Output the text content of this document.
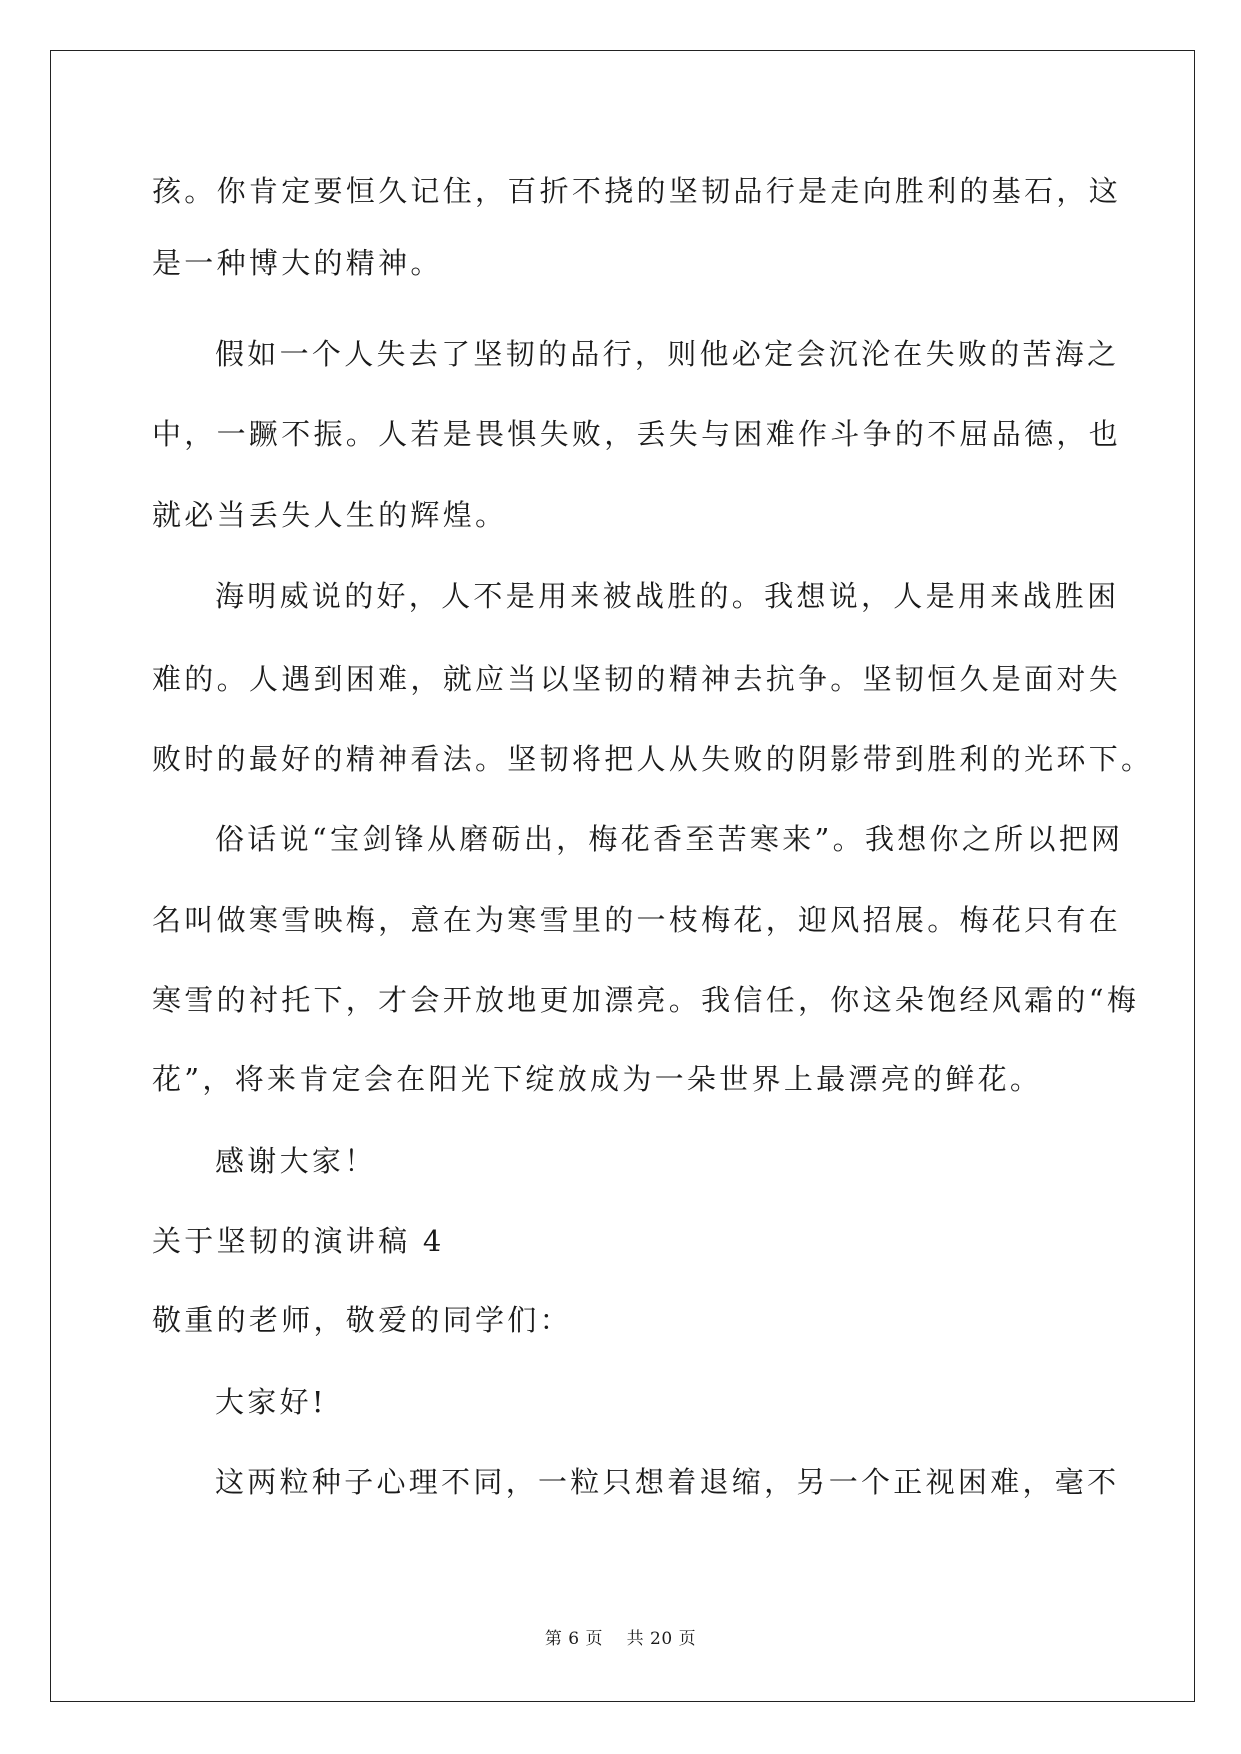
孩。你肯定要恒久记住，百折不挠的坚韧品行是走向胜利的基石，这
是一种博大的精神。
假如一个人失去了坚韧的品行，则他必定会沉沦在失败的苦海之
中，一蹶不振。人若是畏惧失败，丢失与困难作斗争的不屈品德，也
就必当丢失人生的辉煌。
海明威说的好，人不是用来被战胜的。我想说，人是用来战胜困
难的。人遇到困难，就应当以坚韧的精神去抗争。坚韧恒久是面对失
败时的最好的精神看法。坚韧将把人从失败的阴影带到胜利的光环下。
俗话说“宝剑锋从磨砺出，梅花香至苦寒来”。我想你之所以把网
名叫做寒雪映梅，意在为寒雪里的一枝梅花，迎风招展。梅花只有在
寒雪的衬托下，才会开放地更加漂亮。我信任，你这朵饱经风霜的“梅
花”，将来肯定会在阳光下绽放成为一朵世界上最漂亮的鲜花。
感谢大家！
关于坚韧的演讲稿 4
敬重的老师，敬爱的同学们：
大家好!
这两粒种子心理不同，一粒只想着退缩，另一个正视困难，毫不
第 6 页    共 20 页
